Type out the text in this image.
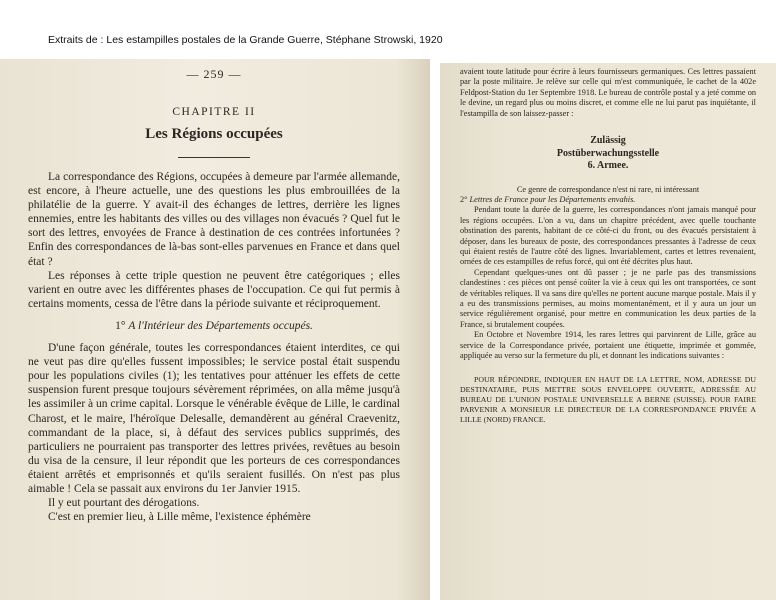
Extraits de : Les estampilles postales de la Grande Guerre, Stéphane Strowski, 1920
— 259 —
CHAPITRE II
Les Régions occupées

La correspondance des Régions, occupées à demeure par l'armée allemande, est encore, à l'heure actuelle, une des questions les plus embrouillées de la philatélie de la guerre. Y avait-il des échanges de lettres, derrière les lignes ennemies, entre les habitants des villes ou des villages non évacués ? Quel fut le sort des lettres, envoyées de France à destination de ces contrées infortunées ? Enfin des correspondances de là-bas sont-elles parvenues en France et dans quel état ?

Les réponses à cette triple question ne peuvent être catégoriques ; elles varient en outre avec les différentes phases de l'occupation. Ce qui fut permis à certains moments, cessa de l'être dans la période suivante et réciproquement.

1° A l'Intérieur des Départements occupés.

D'une façon générale, toutes les correspondances étaient interdites, ce qui ne veut pas dire qu'elles fussent impossibles; le service postal était suspendu pour les populations civiles (1); les tentatives pour atténuer les effets de cette suspension furent presque toujours sévèrement réprimées, on alla même jusqu'à les assimiler à un crime capital. Lorsque le vénérable évêque de Lille, le cardinal Charost, et le maire, l'héroïque Delesalle, demandèrent au général Craevenitz, commandant de la place, si, à défaut des services publics supprimés, des particuliers ne pourraient pas transporter des lettres privées, revêtues au besoin du visa de la censure, il leur répondit que les porteurs de ces correspondances étaient arrêtés et emprisonnés et qu'ils seraient fusillés. On n'est pas plus aimable ! Cela se passait aux environs du 1er Janvier 1915.

Il y eut pourtant des dérogations.

C'est en premier lieu, à Lille même, l'existence éphémère

avaient toute latitude pour écrire à leurs fournisseurs germaniques. Ces lettres passaient par la poste militaire. Je relève sur celle qui m'est communiquée, le cachet de la 402e Feldpost-Station du 1er Septembre 1918. Le bureau de contrôle postal y a jeté comme on le devine, un regard plus ou moins discret, et comme elle ne lui parut pas inquiétante, il l'estampilla de son laissez-passer :

Zulässig
Postüberwachungsstelle
6. Armee.

Ce genre de correspondance n'est ni rare, ni intéressant

2° Lettres de France pour les Départements envahis.

Pendant toute la durée de la guerre, les correspondances n'ont jamais manqué pour les régions occupées. L'on a vu, dans un chapitre précédent, avec quelle touchante obstination des parents, habitant de ce côté-ci du front, ou des évacués persistaient à déposer, dans les bureaux de poste, des correspondances pressantes à l'adresse de ceux qui étaient restés de l'autre côté des lignes. Invariablement, cartes et lettres revenaient, ornées de ces estampilles de refus forcé, qui ont été décrites plus haut.

Cependant quelques-unes ont dû passer ; je ne parle pas des transmissions clandestines : ces pièces ont pensé coûter la vie à ceux qui les ont transportées, ce sont de véritables reliques. Il va sans dire qu'elles ne portent aucune marque postale. Mais il y a eu des transmissions permises, au moins momentanément, et il y aura un jour un service régulièrement organisé, pour mettre en communication les deux parties de la France, si brutalement coupées.

En Octobre et Novembre 1914, les rares lettres qui parvinrent de Lille, grâce au service de la Correspondance privée, portaient une étiquette, imprimée et gommée, appliquée au verso sur la fermeture du pli, et donnant les indications suivantes :

POUR RÉPONDRE, INDIQUER EN HAUT DE LA LETTRE, NOM, ADRESSE DU DESTINATAIRE, PUIS METTRE SOUS ENVELOPPE OUVERTE, ADRESSÉE AU BUREAU DE L'UNION POSTALE UNIVERSELLE A BERNE (SUISSE). POUR FAIRE PARVENIR A MONSIEUR LE DIRECTEUR DE LA CORRESPONDANCE PRIVÉE A LILLE (NORD) FRANCE.
